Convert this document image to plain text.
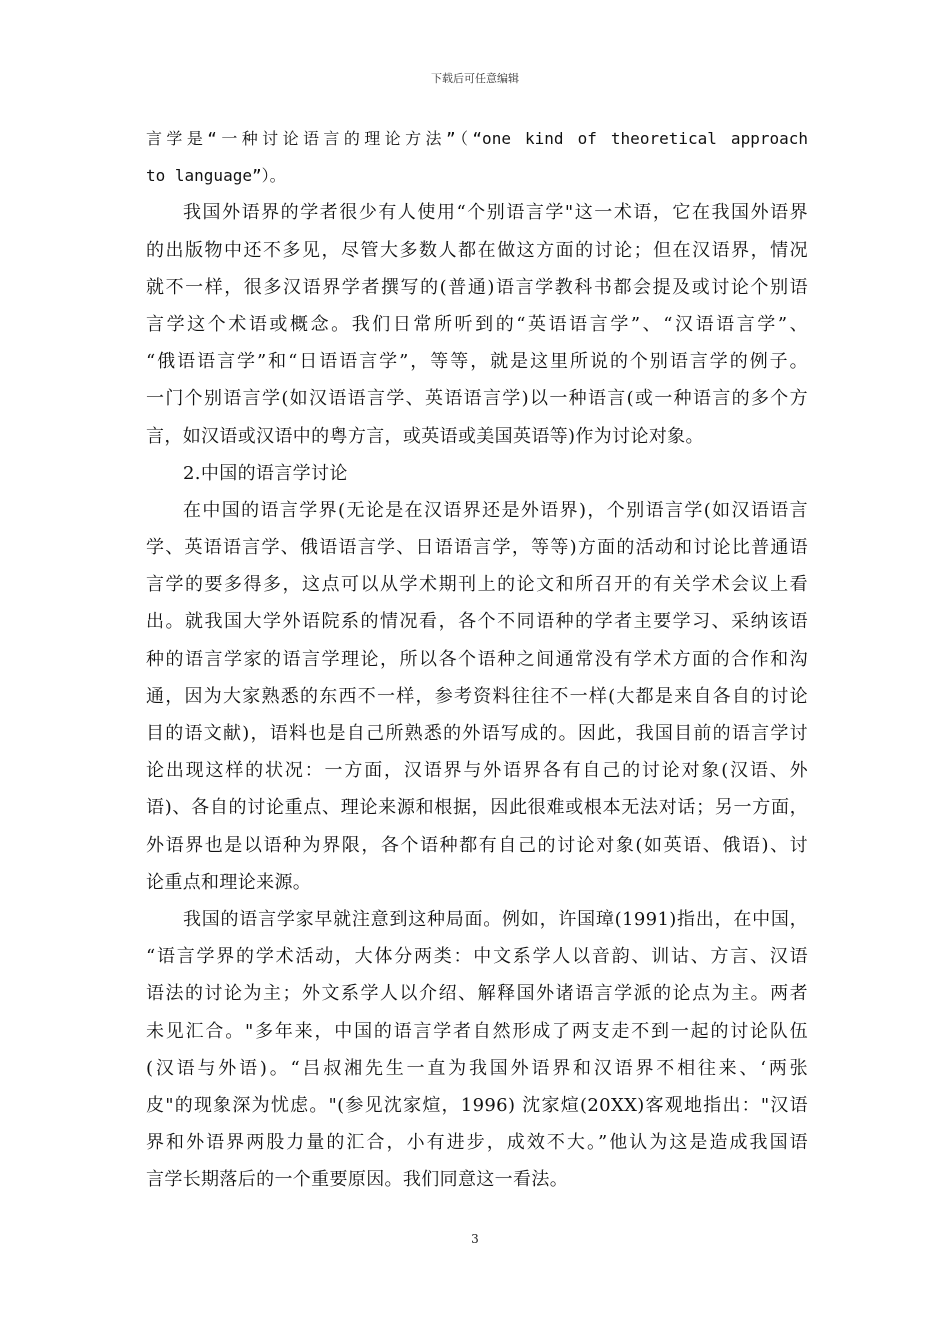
下载后可任意编辑
言学是“一种讨论语言的理论方法”（“one kind of theoretical approach
to language”）。
我国外语界的学者很少有人使用“个别语言学"这一术语，它在我国外语界
的出版物中还不多见，尽管大多数人都在做这方面的讨论；但在汉语界，情况
就不一样，很多汉语界学者撰写的(普通)语言学教科书都会提及或讨论个别语
言学这个术语或概念。我们日常所听到的“英语语言学”、“汉语语言学”、
“俄语语言学”和“日语语言学”，等等，就是这里所说的个别语言学的例子。
一门个别语言学(如汉语语言学、英语语言学)以一种语言(或一种语言的多个方
言，如汉语或汉语中的粤方言，或英语或美国英语等)作为讨论对象。
2.中国的语言学讨论
在中国的语言学界(无论是在汉语界还是外语界)，个别语言学(如汉语语言
学、英语语言学、俄语语言学、日语语言学，等等)方面的活动和讨论比普通语
言学的要多得多，这点可以从学术期刊上的论文和所召开的有关学术会议上看
出。就我国大学外语院系的情况看，各个不同语种的学者主要学习、采纳该语
种的语言学家的语言学理论，所以各个语种之间通常没有学术方面的合作和沟
通，因为大家熟悉的东西不一样，参考资料往往不一样(大都是来自各自的讨论
目的语文献)，语料也是自己所熟悉的外语写成的。因此，我国目前的语言学讨
论出现这样的状况：一方面，汉语界与外语界各有自己的讨论对象(汉语、外
语)、各自的讨论重点、理论来源和根据，因此很难或根本无法对话；另一方面，
外语界也是以语种为界限，各个语种都有自己的讨论对象(如英语、俄语)、讨
论重点和理论来源。
我国的语言学家早就注意到这种局面。例如，许国璋(1991)指出，在中国，
“语言学界的学术活动，大体分两类：中文系学人以音韵、训诂、方言、汉语
语法的讨论为主；外文系学人以介绍、解释国外诸语言学派的论点为主。两者
未见汇合。"多年来，中国的语言学者自然形成了两支走不到一起的讨论队伍
(汉语与外语)。“吕叔湘先生一直为我国外语界和汉语界不相往来、‘两张
皮"的现象深为忧虑。"(参见沈家煊，1996) 沈家煊(20XX)客观地指出："汉语
界和外语界两股力量的汇合，小有进步，成效不大。”他认为这是造成我国语
言学长期落后的一个重要原因。我们同意这一看法。
3
